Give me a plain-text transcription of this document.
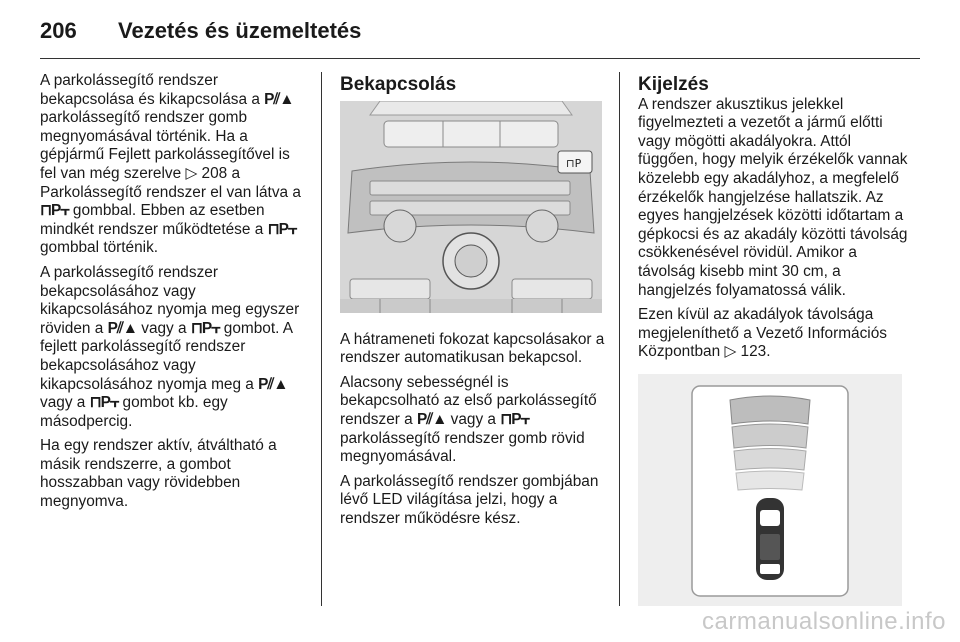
206 Vezetés és üzemeltetés

A parkolássegítő rendszer bekapcsolása és kikapcsolása a P⫽▲ parkolássegítő rendszer gomb megnyomásával történik. Ha a gépjármű Fejlett parkolássegítővel is fel van még szerelve ▷ 208 a Parkolássegítő rendszer el van látva a ⊓P⫟ gombbal. Ebben az esetben mindkét rendszer működtetése a ⊓P⫟ gombbal történik.

A parkolássegítő rendszer bekapcsolásához vagy kikapcsolásához nyomja meg egyszer röviden a P⫽▲ vagy a ⊓P⫟ gombot. A fejlett parkolássegítő rendszer bekapcsolásához vagy kikapcsolásához nyomja meg a P⫽▲ vagy a ⊓P⫟ gombot kb. egy másodpercig.

Ha egy rendszer aktív, átváltható a másik rendszerre, a gombot hosszabban vagy rövidebben megnyomva.

Bekapcsolás
⊓P

A hátrameneti fokozat kapcsolásakor a rendszer automatikusan bekapcsol.

Alacsony sebességnél is bekapcsolható az első parkolássegítő rendszer a P⫽▲ vagy a ⊓P⫟ parkolássegítő rendszer gomb rövid megnyomásával.

A parkolássegítő rendszer gombjában lévő LED világítása jelzi, hogy a rendszer működésre kész.

Kijelzés

A rendszer akusztikus jelekkel figyelmezteti a vezetőt a jármű előtti vagy mögötti akadályokra. Attól függően, hogy melyik érzékelők vannak közelebb egy akadályhoz, a megfelelő érzékelők hangjelzése hallatszik. Az egyes hangjelzések közötti időtartam a gépkocsi és az akadály közötti távolság csökkenésével rövidül. Amikor a távolság kisebb mint 30 cm, a hangjelzés folyamatossá válik.

Ezen kívül az akadályok távolsága megjeleníthető a Vezető Információs Központban ▷ 123.

carmanualsonline.info
